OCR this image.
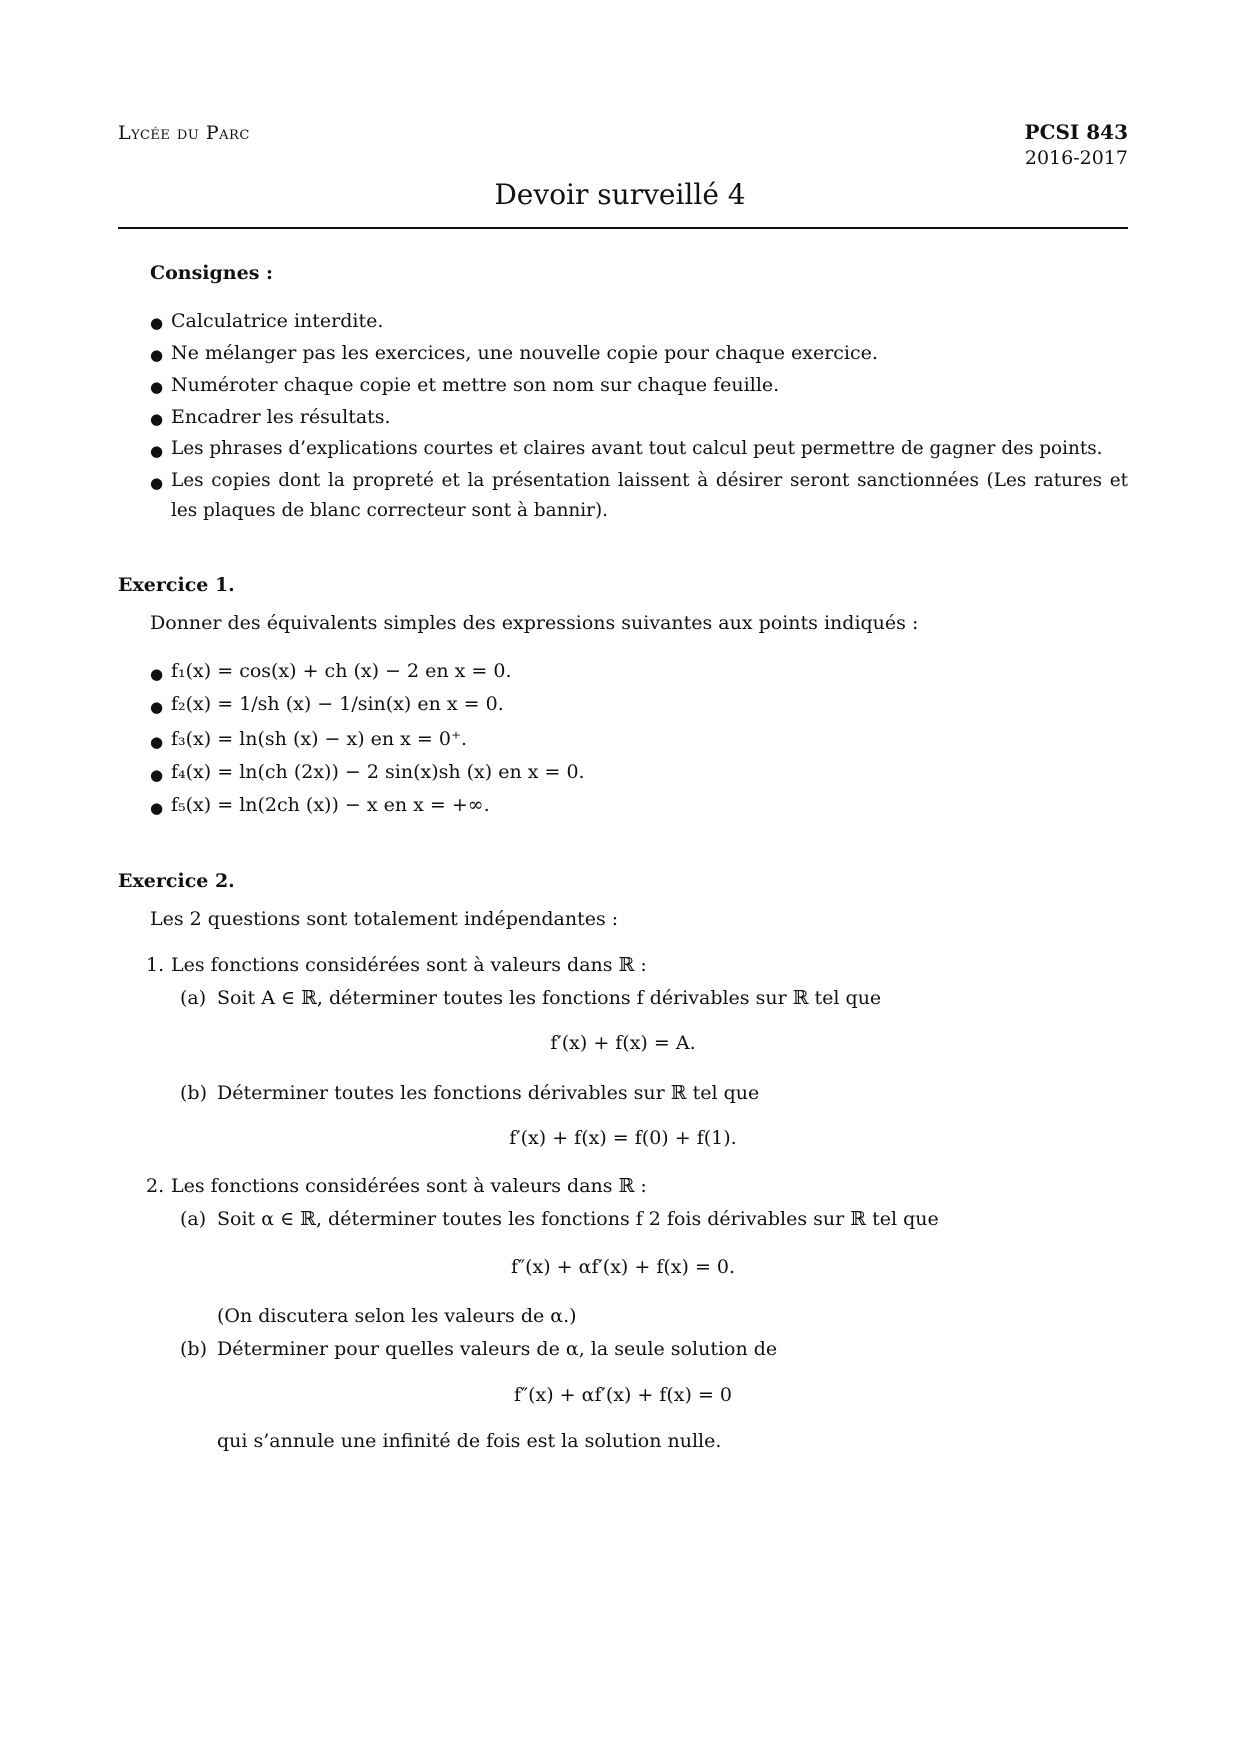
Lycée du Parc	PCSI 843
2016-2017
Devoir surveillé 4
Consignes :
● Calculatrice interdite.
● Ne mélanger pas les exercices, une nouvelle copie pour chaque exercice.
● Numéroter chaque copie et mettre son nom sur chaque feuille.
● Encadrer les résultats.
● Les phrases d’explications courtes et claires avant tout calcul peut permettre de gagner des points.
● Les copies dont la propreté et la présentation laissent à désirer seront sanctionnées (Les ratures et les plaques de blanc correcteur sont à bannir).
Exercice 1.
Donner des équivalents simples des expressions suivantes aux points indiqués :
● f₁(x) = cos(x) + ch (x) − 2 en x = 0.
● f₂(x) = 1/sh (x) − 1/sin(x) en x = 0.
● f₃(x) = ln(sh (x) − x) en x = 0⁺.
● f₄(x) = ln(ch (2x)) − 2 sin(x)sh (x) en x = 0.
● f₅(x) = ln(2ch (x)) − x en x = +∞.
Exercice 2.
Les 2 questions sont totalement indépendantes :
1. Les fonctions considérées sont à valeurs dans ℝ :
(a) Soit A ∈ ℝ, déterminer toutes les fonctions f dérivables sur ℝ tel que
f′(x) + f(x) = A.
(b) Déterminer toutes les fonctions dérivables sur ℝ tel que
f′(x) + f(x) = f(0) + f(1).
2. Les fonctions considérées sont à valeurs dans ℝ :
(a) Soit α ∈ ℝ, déterminer toutes les fonctions f 2 fois dérivables sur ℝ tel que
f″(x) + αf′(x) + f(x) = 0.
(On discutera selon les valeurs de α.)
(b) Déterminer pour quelles valeurs de α, la seule solution de
f″(x) + αf′(x) + f(x) = 0
qui s’annule une infinité de fois est la solution nulle.
